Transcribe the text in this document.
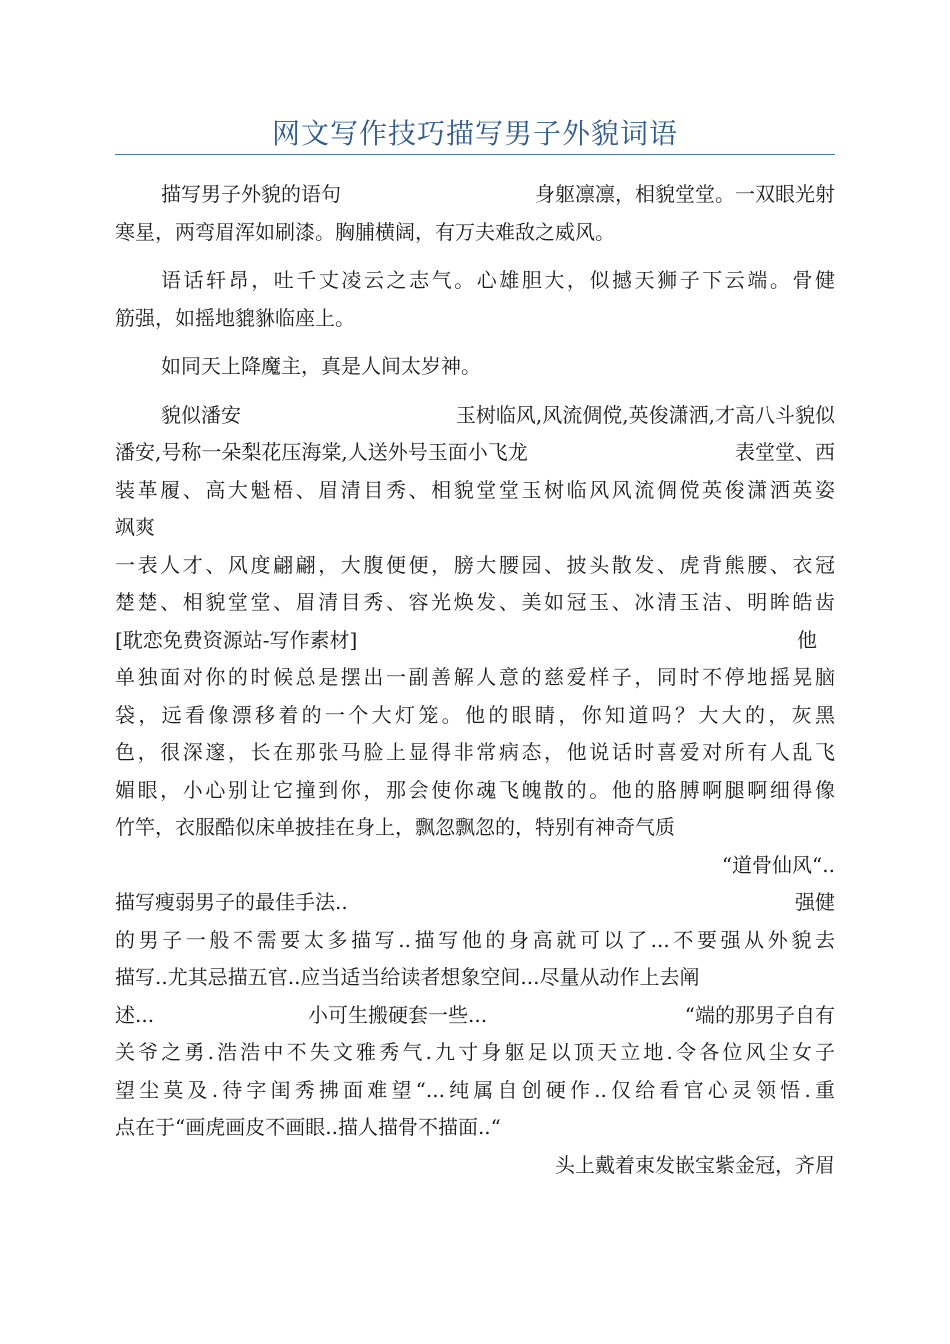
网文写作技巧描写男子外貌词语
描写男子外貌的语句	身躯凛凛，相貌堂堂。一双眼光射
寒星，两弯眉浑如刷漆。胸脯横阔，有万夫难敌之威风。
语话轩昂，吐千丈凌云之志气。心雄胆大，似撼天狮子下云端。骨健
筋强，如摇地貔貅临座上。
如同天上降魔主，真是人间太岁神。
貌似潘安	玉树临风,风流倜傥,英俊潇洒,才高八斗貌似
潘安,号称一朵梨花压海棠,人送外号玉面小飞龙	表堂堂、西
装革履、高大魁梧、眉清目秀、相貌堂堂玉树临风风流倜傥英俊潇洒英姿
飒爽
一表人才、风度翩翩，大腹便便，膀大腰园、披头散发、虎背熊腰、衣冠
楚楚、相貌堂堂、眉清目秀、容光焕发、美如冠玉、冰清玉洁、明眸皓齿
[耽恋免费资源站-写作素材]	他
单独面对你的时候总是摆出一副善解人意的慈爱样子，同时不停地摇晃脑
袋，远看像漂移着的一个大灯笼。他的眼睛，你知道吗？大大的，灰黑
色，很深邃，长在那张马脸上显得非常病态，他说话时喜爱对所有人乱飞
媚眼，小心别让它撞到你，那会使你魂飞魄散的。他的胳膊啊腿啊细得像
竹竿，衣服酷似床单披挂在身上，飘忽飘忽的，特别有神奇气质
“道骨仙风“..
描写瘦弱男子的最佳手法..	强健
的男子一般不需要太多描写..描写他的身高就可以了...不要强从外貌去
描写..尤其忌描五官..应当适当给读者想象空间...尽量从动作上去阐
述...	小可生搬硬套一些...	“端的那男子自有
关爷之勇.浩浩中不失文雅秀气.九寸身躯足以顶天立地.令各位风尘女子
望尘莫及.待字闺秀拂面难望“...纯属自创硬作..仅给看官心灵领悟.重
点在于“画虎画皮不画眼..描人描骨不描面..“
头上戴着束发嵌宝紫金冠，齐眉
